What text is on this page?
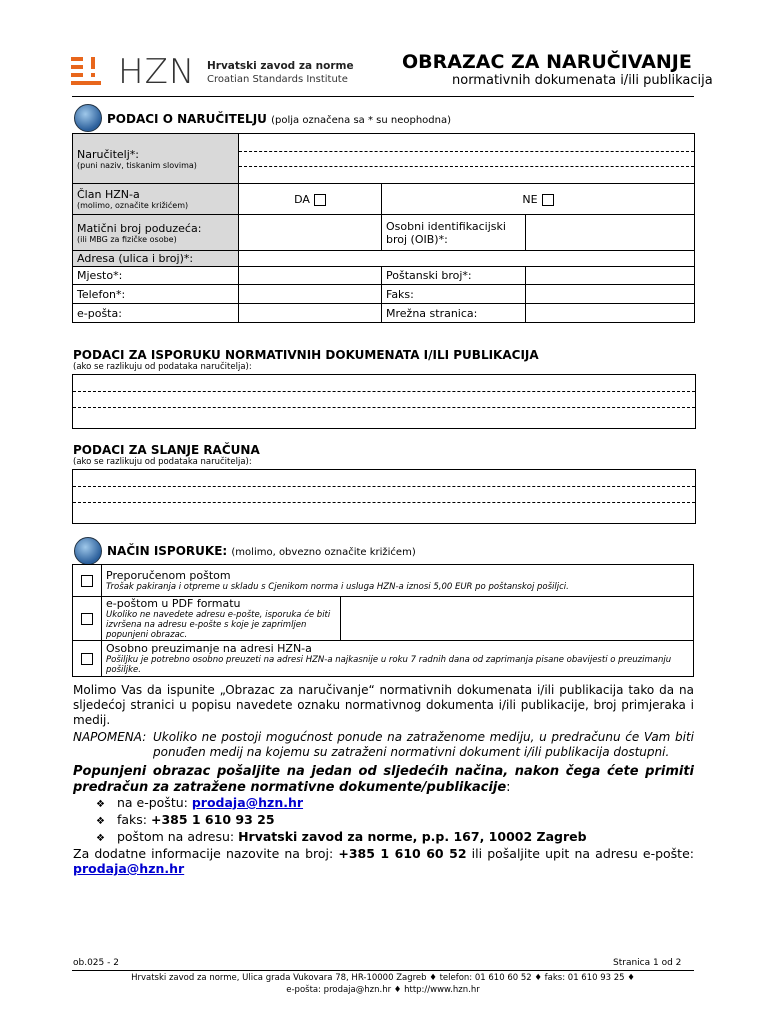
HZN Hrvatski zavod za norme
Croatian Standards Institute
OBRAZAC ZA NARUČIVANJE
normativnih dokumenata i/ili publikacija
PODACI O NARUČITELJU (polja označena sa * su neophodna)
Naručitelj*:
(puni naziv, tiskanim slovima)			

Član HZN-a
(molimo, označite križićem)	DA	NE	

Matični broj poduzeća:
(ili MBG za fizičke osobe)		Osobni identifikacijski broj (OIB)*:	
Adresa (ulica i broj)*:			
Mjesto*:		Poštanski broj*:	
Telefon*:		Faks:	
e-pošta:		Mrežna stranica:	
PODACI ZA ISPORUKU NORMATIVNIH DOKUMENATA I/ILI PUBLIKACIJA
(ako se razlikuju od podataka naručitelja):
PODACI ZA SLANJE RAČUNA
(ako se razlikuju od podataka naručitelja):
NAČIN ISPORUKE: (molimo, obvezno označite križićem)

	Preporučenom poštom
Trošak pakiranja i otpreme u skladu s Cjenikom norma i usluga HZN-a iznosi 5,00 EUR po poštanskoj pošiljci.	

	e-poštom u PDF formatu
Ukoliko ne navedete adresu e-pošte, isporuka će biti izvršena na adresu e-pošte s koje je zaprimljen popunjeni obrazac.	

	Osobno preuzimanje na adresi HZN-a
Pošiljku je potrebno osobno preuzeti na adresi HZN-a najkasnije u roku 7 radnih dana od zaprimanja pisane obavijesti o preuzimanju pošiljke.	
Molimo Vas da ispunite „Obrazac za naručivanje“ normativnih dokumenata i/ili publikacija tako da na sljedećoj stranici u popisu navedete oznaku normativnog dokumenta i/ili publikacije, broj primjeraka i medij.
NAPOMENA: Ukoliko ne postoji mogućnost ponude na zatraženome mediju, u predračunu će Vam biti ponuđen medij na kojemu su zatraženi normativni dokument i/ili publikacija dostupni.
Popunjeni obrazac pošaljite na jedan od sljedećih načina, nakon čega ćete primiti predračun za zatražene normativne dokumente/publikacije:
❖ na e-poštu: prodaja@hzn.hr
❖ faks: +385 1 610 93 25
❖ poštom na adresu: Hrvatski zavod za norme, p.p. 167, 10002 Zagreb
Za dodatne informacije nazovite na broj: +385 1 610 60 52 ili pošaljite upit na adresu e-pošte: prodaja@hzn.hr
ob.025 - 2	Stranica 1 od 2
Hrvatski zavod za norme, Ulica grada Vukovara 78, HR-10000 Zagreb ♦ telefon: 01 610 60 52 ♦ faks: 01 610 93 25 ♦
e-pošta: prodaja@hzn.hr ♦ http://www.hzn.hr
